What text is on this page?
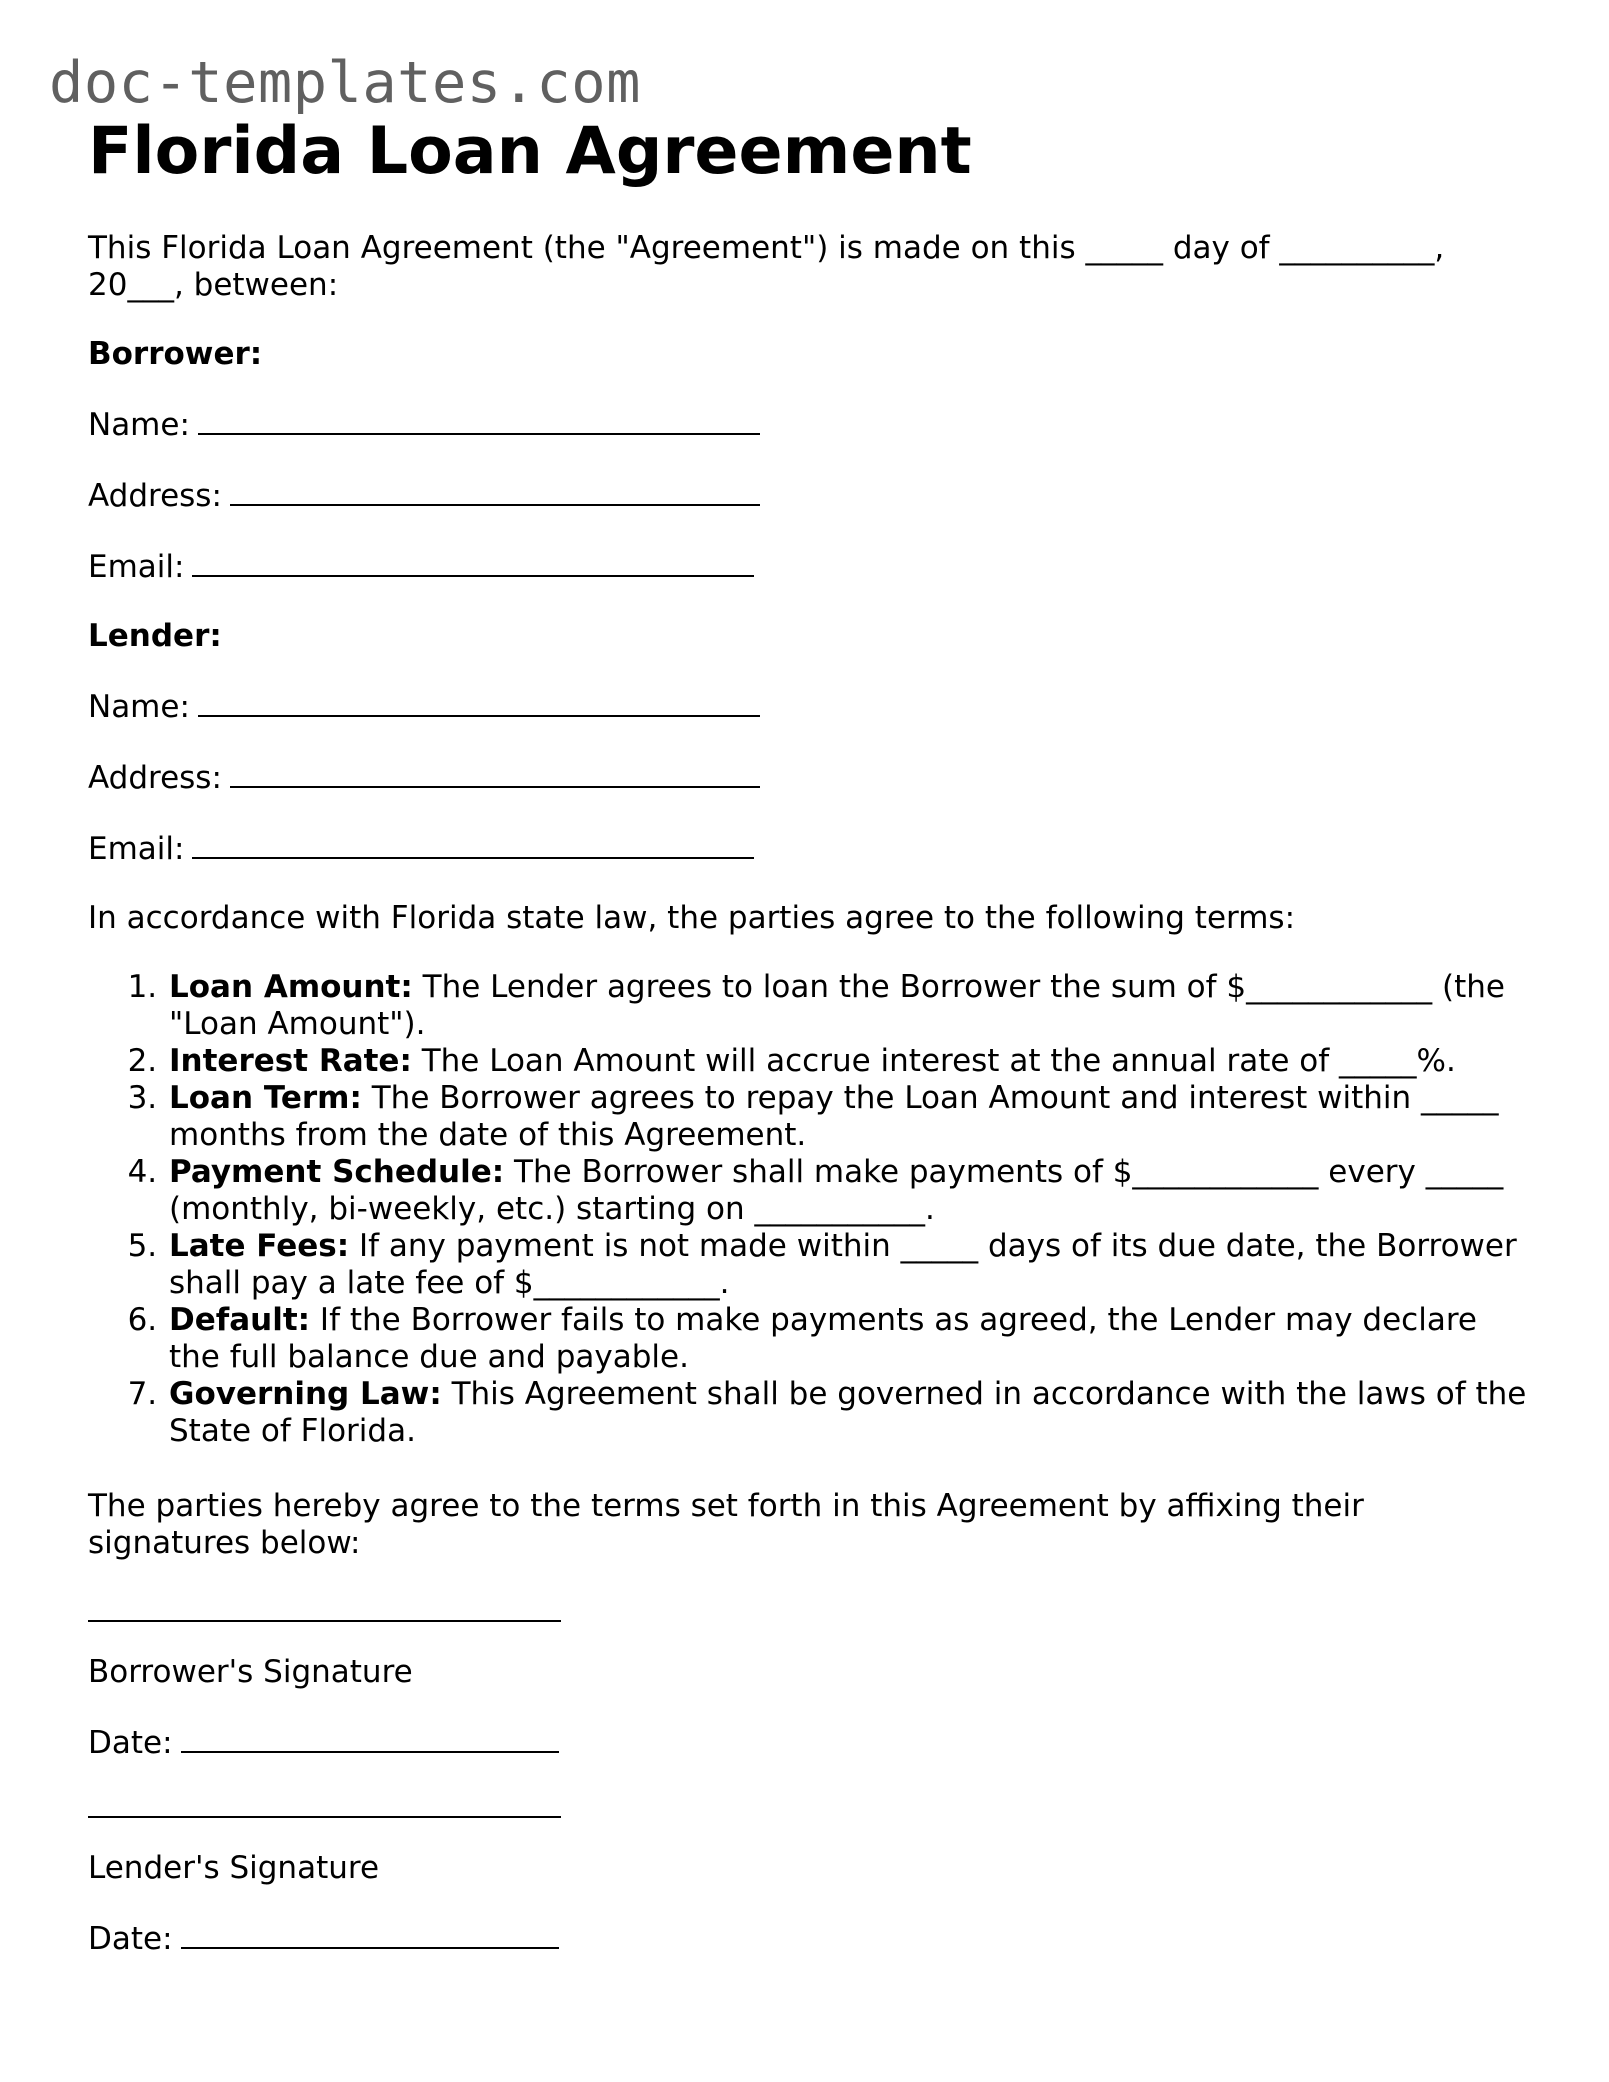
doc-templates.com
Florida Loan Agreement

This Florida Loan Agreement (the "Agreement") is made on this _____ day of __________,
20___, between:

Borrower:

Name:

Address:

Email:

Lender:

Name:

Address:

Email:

In accordance with Florida state law, the parties agree to the following terms:

1. Loan Amount: The Lender agrees to loan the Borrower the sum of $____________ (the "Loan Amount").
2. Interest Rate: The Loan Amount will accrue interest at the annual rate of _____%.
3. Loan Term: The Borrower agrees to repay the Loan Amount and interest within _____ months from the date of this Agreement.
4. Payment Schedule: The Borrower shall make payments of $____________ every _____ (monthly, bi-weekly, etc.) starting on ___________.
5. Late Fees: If any payment is not made within _____ days of its due date, the Borrower shall pay a late fee of $____________.
6. Default: If the Borrower fails to make payments as agreed, the Lender may declare the full balance due and payable.
7. Governing Law: This Agreement shall be governed in accordance with the laws of the State of Florida.

The parties hereby agree to the terms set forth in this Agreement by affixing their
signatures below:

Borrower's Signature

Date:

Lender's Signature

Date:
